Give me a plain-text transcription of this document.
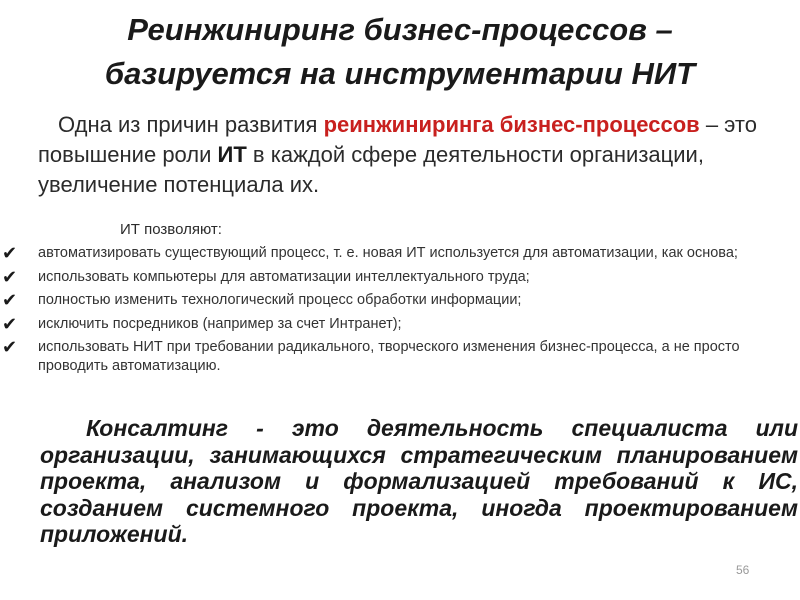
Реинжиниринг бизнес-процессов –
базируется на инструментарии НИТ
Одна из причин развития реинжиниринга бизнес-процессов – это повышение роли ИТ в каждой сфере деятельности организации, увеличение потенциала их.
ИТ позволяют:
✔ автоматизировать существующий процесс, т. е. новая ИТ используется для автоматизации, как основа;
✔ использовать компьютеры для автоматизации интеллектуального труда;
✔ полностью изменить технологический процесс обработки информации;
✔ исключить посредников (например за счет Интранет);
✔ использовать НИТ при требовании радикального, творческого изменения бизнес-процесса, а не просто проводить автоматизацию.
Консалтинг - это деятельность специалиста или организации, занимающихся стратегическим планированием проекта, анализом и формализацией требований к ИС, созданием системного проекта, иногда проектированием приложений.
56
